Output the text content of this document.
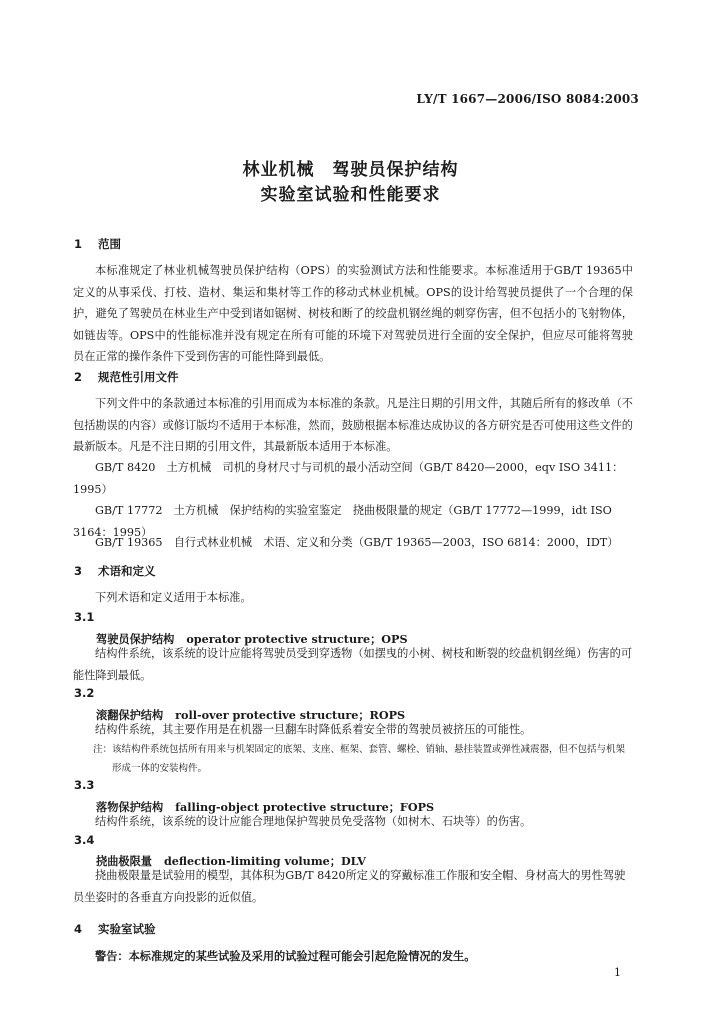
LY/T 1667—2006/ISO 8084:2003
林业机械　驾驶员保护结构
实验室试验和性能要求
1 范围
本标准规定了林业机械驾驶员保护结构（OPS）的实验测试方法和性能要求。本标准适用于GB/T 19365中定义的从事采伐、打枝、造材、集运和集材等工作的移动式林业机械。OPS的设计给驾驶员提供了一个合理的保护，避免了驾驶员在林业生产中受到诸如锯树、树枝和断了的绞盘机钢丝绳的刺穿伤害，但不包括小的飞射物体，如链齿等。OPS中的性能标准并没有规定在所有可能的环境下对驾驶员进行全面的安全保护，但应尽可能将驾驶员在正常的操作条件下受到伤害的可能性降到最低。
2 规范性引用文件
下列文件中的条款通过本标准的引用而成为本标准的条款。凡是注日期的引用文件，其随后所有的修改单（不包括勘误的内容）或修订版均不适用于本标准，然而，鼓励根据本标准达成协议的各方研究是否可使用这些文件的最新版本。凡是不注日期的引用文件，其最新版本适用于本标准。
GB/T 8420　土方机械　司机的身材尺寸与司机的最小活动空间（GB/T 8420—2000，eqv ISO 3411：1995）
GB/T 17772　土方机械　保护结构的实验室鉴定　挠曲极限量的规定（GB/T 17772—1999，idt ISO 3164：1995）
GB/T 19365　自行式林业机械　术语、定义和分类（GB/T 19365—2003，ISO 6814：2000，IDT）
3 术语和定义
下列术语和定义适用于本标准。
3.1
驾驶员保护结构 operator protective structure；OPS
结构件系统，该系统的设计应能将驾驶员受到穿透物（如摆曳的小树、树枝和断裂的绞盘机钢丝绳）伤害的可能性降到最低。
3.2
滚翻保护结构 roll-over protective structure；ROPS
结构件系统，其主要作用是在机器一旦翻车时降低系着安全带的驾驶员被挤压的可能性。
注：该结构件系统包括所有用来与机架固定的底架、支座、框架、套管、螺栓、销轴、悬挂装置或弹性减震器，但不包括与机架形成一体的安装构件。
3.3
落物保护结构 falling-object protective structure；FOPS
结构件系统，该系统的设计应能合理地保护驾驶员免受落物（如树木、石块等）的伤害。
3.4
挠曲极限量 deflection-limiting volume；DLV
挠曲极限量是试验用的模型，其体积为GB/T 8420所定义的穿戴标准工作服和安全帽、身材高大的男性驾驶员坐姿时的各垂直方向投影的近似值。
4 实验室试验
警告：本标准规定的某些试验及采用的试验过程可能会引起危险情况的发生。
1
